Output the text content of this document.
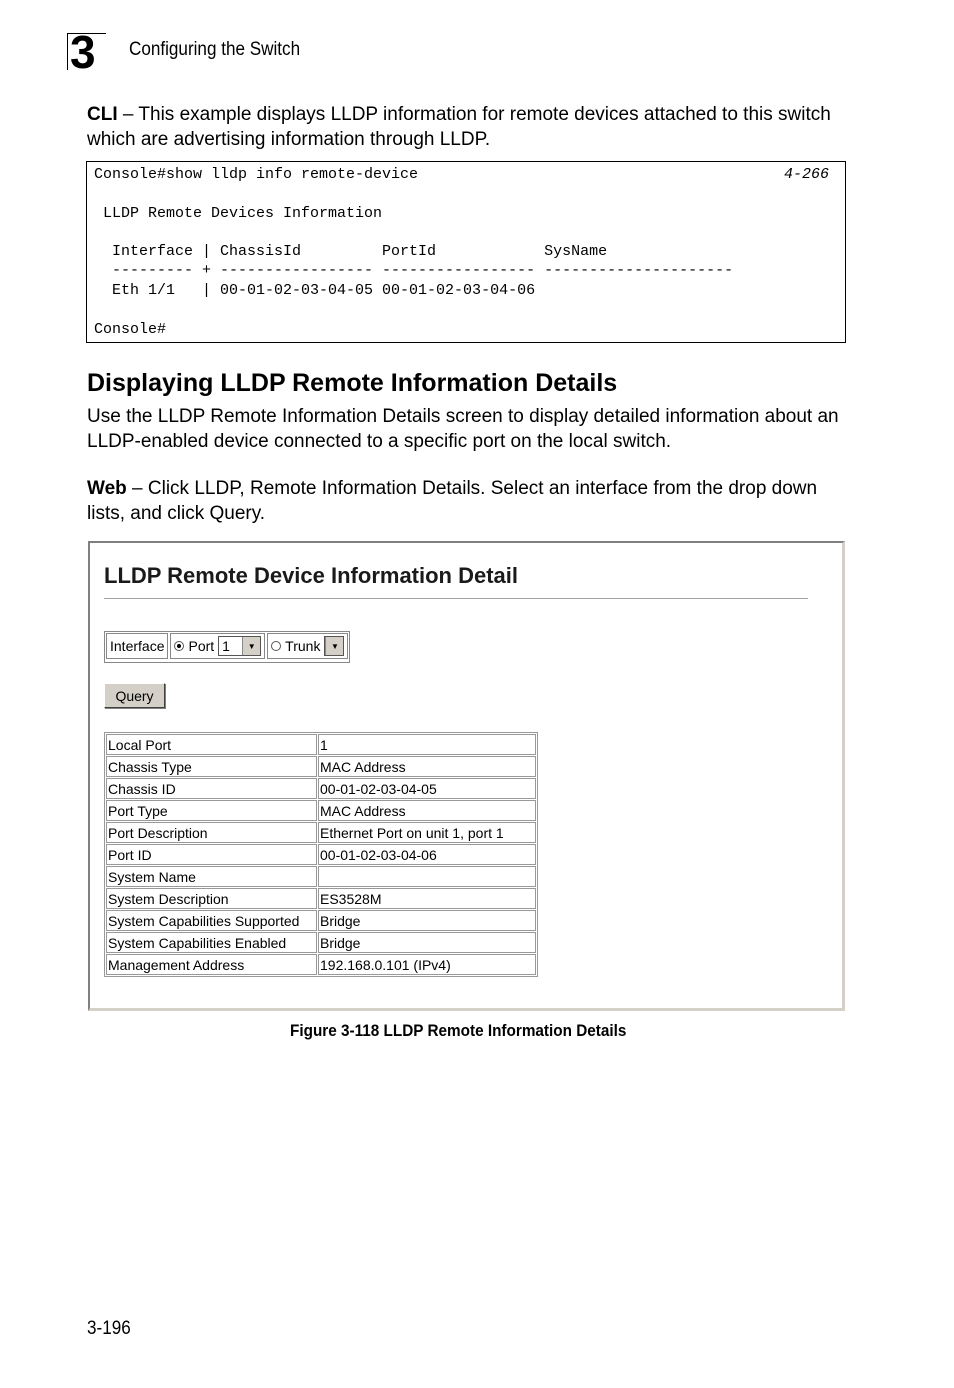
3 Configuring the Switch
CLI – This example displays LLDP information for remote devices attached to this switch which are advertising information through LLDP.
Console#show lldp info remote-device	4-266
LLDP Remote Devices Information
Interface | ChassisId         PortId            SysName
--------- + ----------------- ----------------- ---------------------
Eth 1/1   | 00-01-02-03-04-05 00-01-02-03-04-06
Console#
Displaying LLDP Remote Information Details
Use the LLDP Remote Information Details screen to display detailed information about an LLDP-enabled device connected to a specific port on the local switch.
Web – Click LLDP, Remote Information Details. Select an interface from the drop down lists, and click Query.
LLDP Remote Device Information Detail
Interface Port 1	▼	Trunk	▼
Query
Local Port	1
Chassis Type	MAC Address
Chassis ID	00-01-02-03-04-05
Port Type	MAC Address
Port Description	Ethernet Port on unit 1, port 1
Port ID	00-01-02-03-04-06
System Name	
System Description	ES3528M
System Capabilities Supported	Bridge
System Capabilities Enabled	Bridge
Management Address	192.168.0.101 (IPv4)
Figure 3-118 LLDP Remote Information Details
3-196
